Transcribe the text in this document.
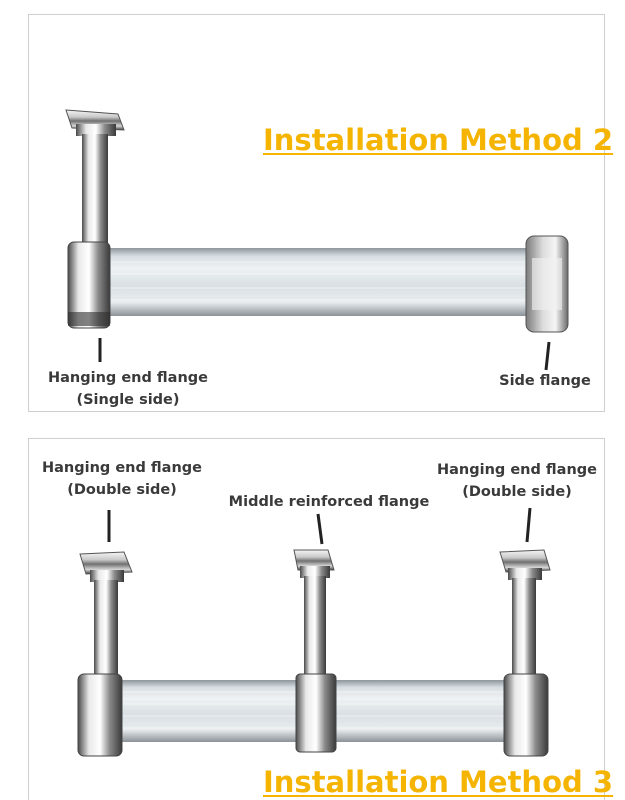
Installation Method 2
Hanging end flange
(Single side)
Side flange
Hanging end flange
(Double side)
Middle reinforced flange
Hanging end flange
(Double side)
Installation Method 3
